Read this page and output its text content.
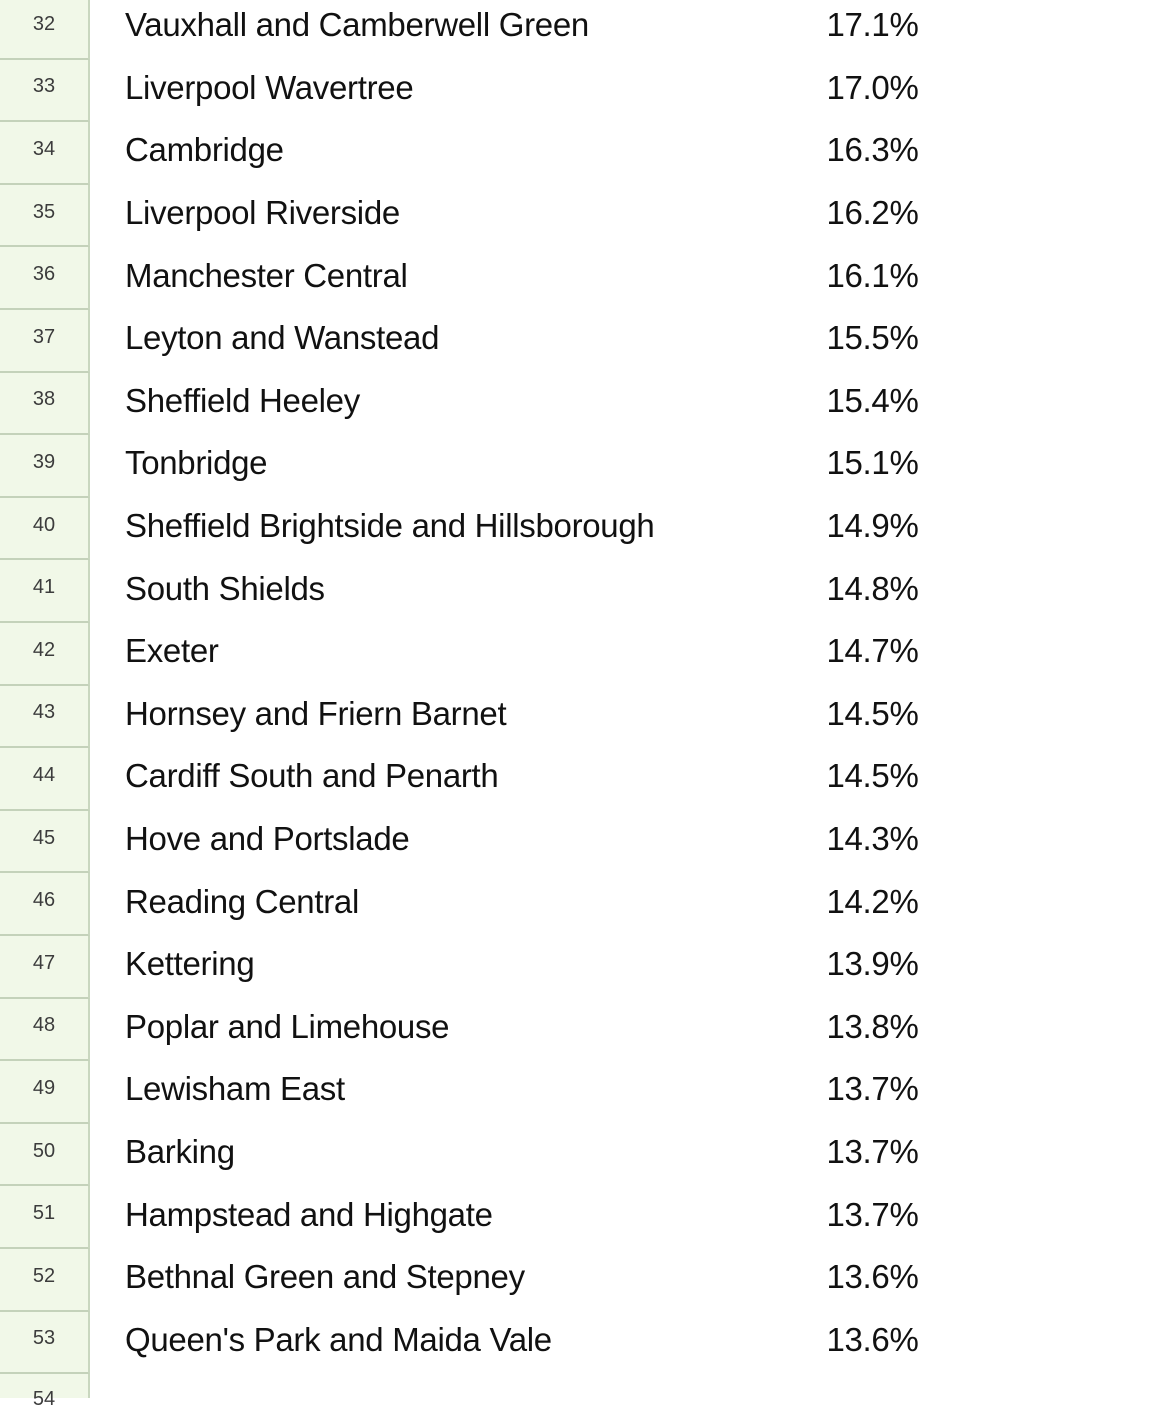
32	Vauxhall and Camberwell Green	17.1%
33	Liverpool Wavertree	17.0%
34	Cambridge	16.3%
35	Liverpool Riverside	16.2%
36	Manchester Central	16.1%
37	Leyton and Wanstead	15.5%
38	Sheffield Heeley	15.4%
39	Tonbridge	15.1%
40	Sheffield Brightside and Hillsborough	14.9%
41	South Shields	14.8%
42	Exeter	14.7%
43	Hornsey and Friern Barnet	14.5%
44	Cardiff South and Penarth	14.5%
45	Hove and Portslade	14.3%
46	Reading Central	14.2%
47	Kettering	13.9%
48	Poplar and Limehouse	13.8%
49	Lewisham East	13.7%
50	Barking	13.7%
51	Hampstead and Highgate	13.7%
52	Bethnal Green and Stepney	13.6%
53	Queen's Park and Maida Vale	13.6%
54
